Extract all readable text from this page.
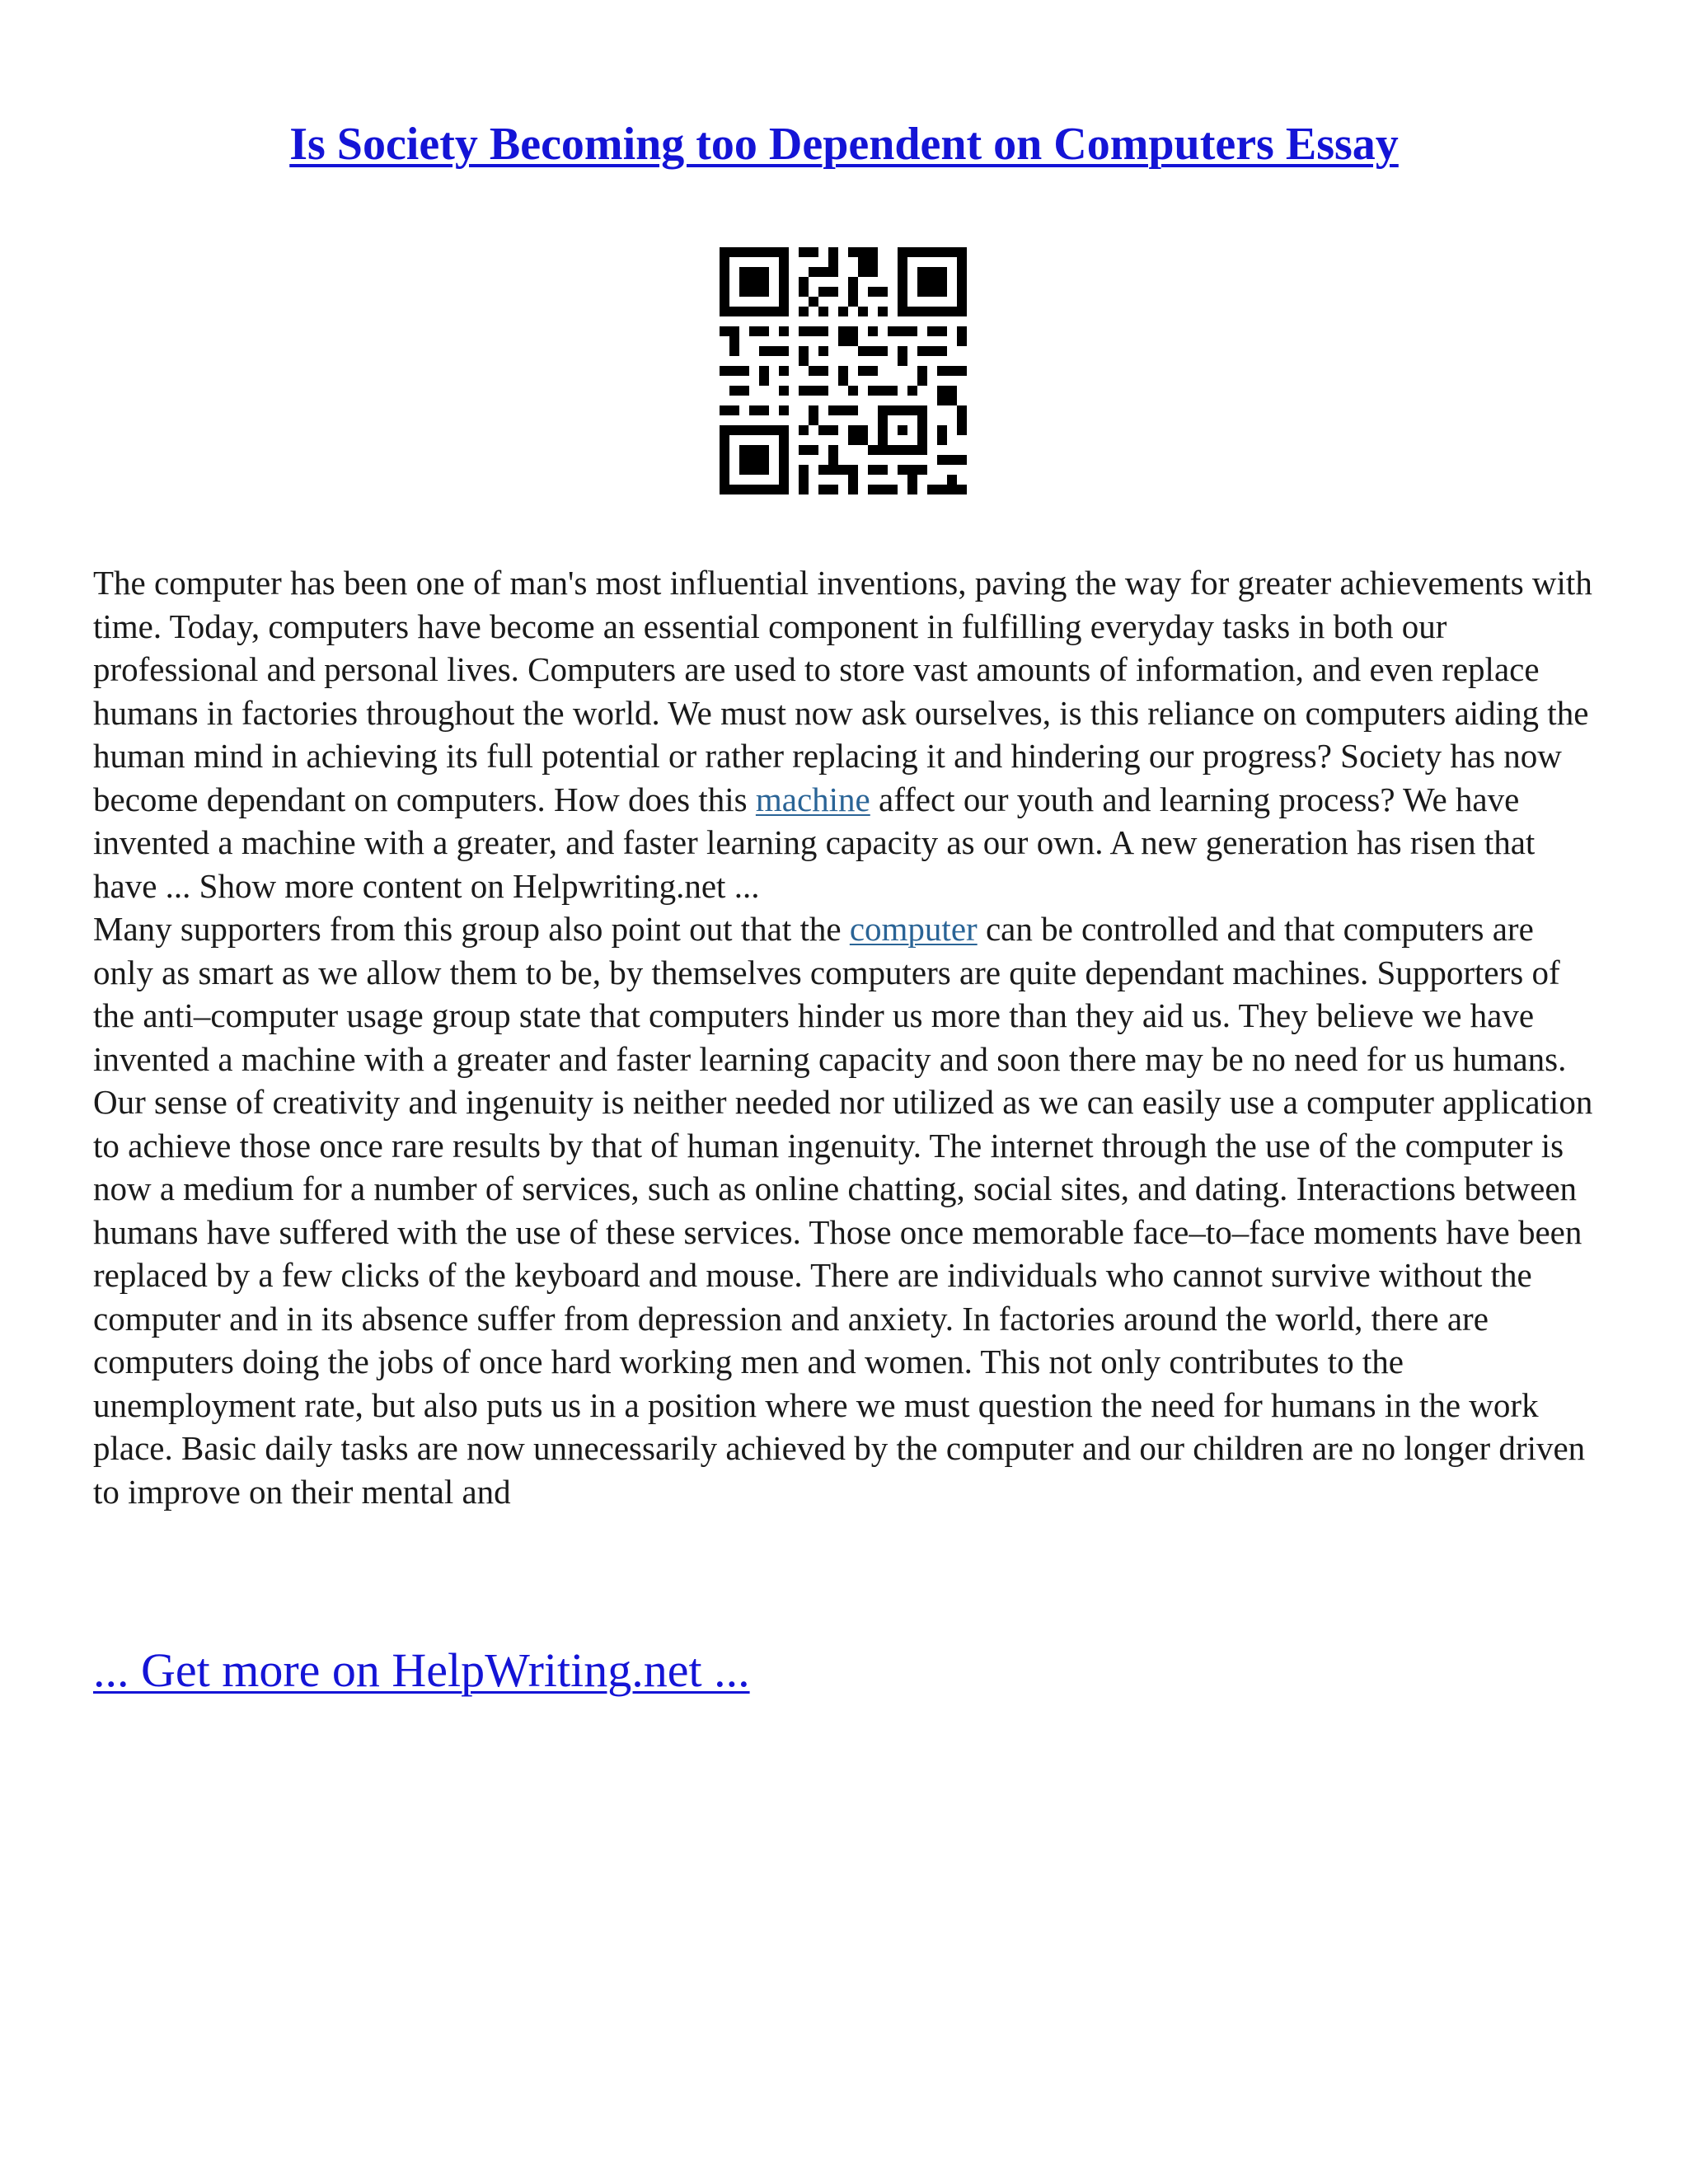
Is Society Becoming too Dependent on Computers Essay

The computer has been one of man's most influential inventions, paving the way for greater achievements with time. Today, computers have become an essential component in fulfilling everyday tasks in both our professional and personal lives. Computers are used to store vast amounts of information, and even replace humans in factories throughout the world. We must now ask ourselves, is this reliance on computers aiding the human mind in achieving its full potential or rather replacing it and hindering our progress? Society has now become dependant on computers. How does this machine affect our youth and learning process? We have invented a machine with a greater, and faster learning capacity as our own. A new generation has risen that have ... Show more content on Helpwriting.net ...

Many supporters from this group also point out that the computer can be controlled and that computers are only as smart as we allow them to be, by themselves computers are quite dependant machines. Supporters of the anti–computer usage group state that computers hinder us more than they aid us. They believe we have invented a machine with a greater and faster learning capacity and soon there may be no need for us humans. Our sense of creativity and ingenuity is neither needed nor utilized as we can easily use a computer application to achieve those once rare results by that of human ingenuity. The internet through the use of the computer is now a medium for a number of services, such as online chatting, social sites, and dating. Interactions between humans have suffered with the use of these services. Those once memorable face–to–face moments have been replaced by a few clicks of the keyboard and mouse. There are individuals who cannot survive without the computer and in its absence suffer from depression and anxiety. In factories around the world, there are computers doing the jobs of once hard working men and women. This not only contributes to the unemployment rate, but also puts us in a position where we must question the need for humans in the work place. Basic daily tasks are now unnecessarily achieved by the computer and our children are no longer driven to improve on their mental and

... Get more on HelpWriting.net ...
